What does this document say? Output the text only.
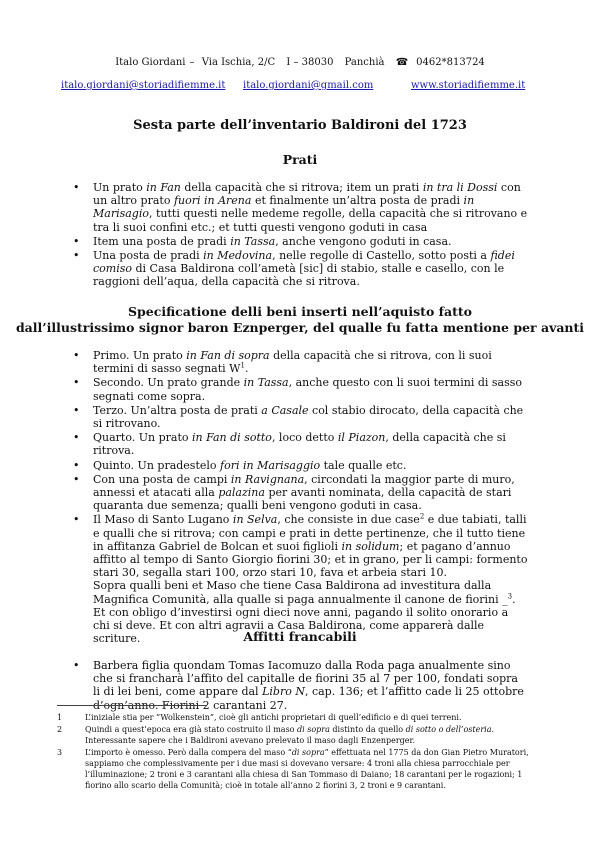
Italo Giordani – Via Ischia, 2/C I – 38030 Panchià ☎ 0462*813724
italo.giordani@storiadifiemme.it italo.giordani@gmail.com	www.storiadifiemme.it
Sesta parte dell’inventario Baldironi del 1723
Prati
• Un prato in Fan della capacità che si ritrova; item un prati in tra li Dossi con un altro prato fuori in Arena et finalmente un’altra posta de pradi in Marisagio, tutti questi nelle medeme regolle, della capacità che si ritrovano e tra li suoi confini etc.; et tutti questi vengono goduti in casa
• Item una posta de pradi in Tassa, anche vengono goduti in casa.
• Una posta de pradi in Medovina, nelle regolle di Castello, sotto posti a fidei comiso di Casa Baldirona coll’ametà [sic] di stabio, stalle e casello, con le raggioni dell’aqua, della capacità che si ritrova.
Specificatione delli beni inserti nell’aquisto fatto
dall’illustrissimo signor baron Eznperger, del qualle fu fatta mentione per avanti
• Primo. Un prato in Fan di sopra della capacità che si ritrova, con li suoi termini di sasso segnati $W^1$.
• Secondo. Un prato grande in Tassa, anche questo con li suoi termini di sasso segnati come sopra.
• Terzo. Un’altra posta de prati a Casale col stabio dirocato, della capacità che si ritrovano.
• Quarto. Un prato in Fan di sotto, loco detto il Piazon, della capacità che si ritrova.
• Quinto. Un pradestelo fori in Marisaggio tale qualle etc.
• Con una posta de campi in Ravignana, circondati la maggior parte di muro, annessi et atacati alla palazina per avanti nominata, della capacità de stari quaranta due semenza; qualli beni vengono goduti in casa.
• Il Maso di Santo Lugano in Selva, che consiste in due case$^2$ e due tabiati, talli e qualli che si ritrova; con campi e prati in dette pertinenze, che il tutto tiene in affitanza Gabriel de Bolcan et suoi figlioli in solidum; et pagano d’annuo affitto al tempo di Santo Giorgio fiorini 30; et in grano, per li campi: formento stari 30, segalla stari 100, orzo stari 10, fava et arbeia stari 10.
Sopra qualli beni et Maso che tiene Casa Baldirona ad investitura dalla Magnifica Comunità, alla qualle si paga annualmente il canone de fiorini _$^3$. Et con obligo d’investirsi ogni dieci nove anni, pagando il solito onorario a chi si deve. Et con altri agravii a Casa Baldirona, come apparerà dalle scriture.	Affitti francabili
• Barbera figlia quondam Tomas Iacomuzo dalla Roda paga anualmente sino che si francharà l’affito del capitalle de fiorini 35 al 7 per 100, fondati sopra li di lei beni, come appare dal Libro N, cap. 136; et l’affitto cade li 25 ottobre d’ogn’anno. Fiorini 2 carantani 27.
1	L’iniziale stia per “Wolkenstein”, cioè gli antichi proprietari di quell’edificio e di quei terreni.
2	Quindi a quest’epoca era già stato costruito il maso di sopra distinto da quello di sotto o dell’osteria. Interessante sapere che i Baldironi avevano prelevato il maso dagli Enzenperger.
3	L’importo è omesso. Però dalla compera del maso “di sopra” effettuata nel 1775 da don Gian Pietro Muratori, sappiamo che complessivamente per i due masi si dovevano versare: 4 troni alla chiesa parrocchiale per l’illuminazione; 2 troni e 3 carantani alla chiesa di San Tommaso di Daiano; 18 carantani per le rogazioni; 1 fiorino allo scario della Comunità; cioè in totale all’anno 2 fiorini 3, 2 troni e 9 carantani.
